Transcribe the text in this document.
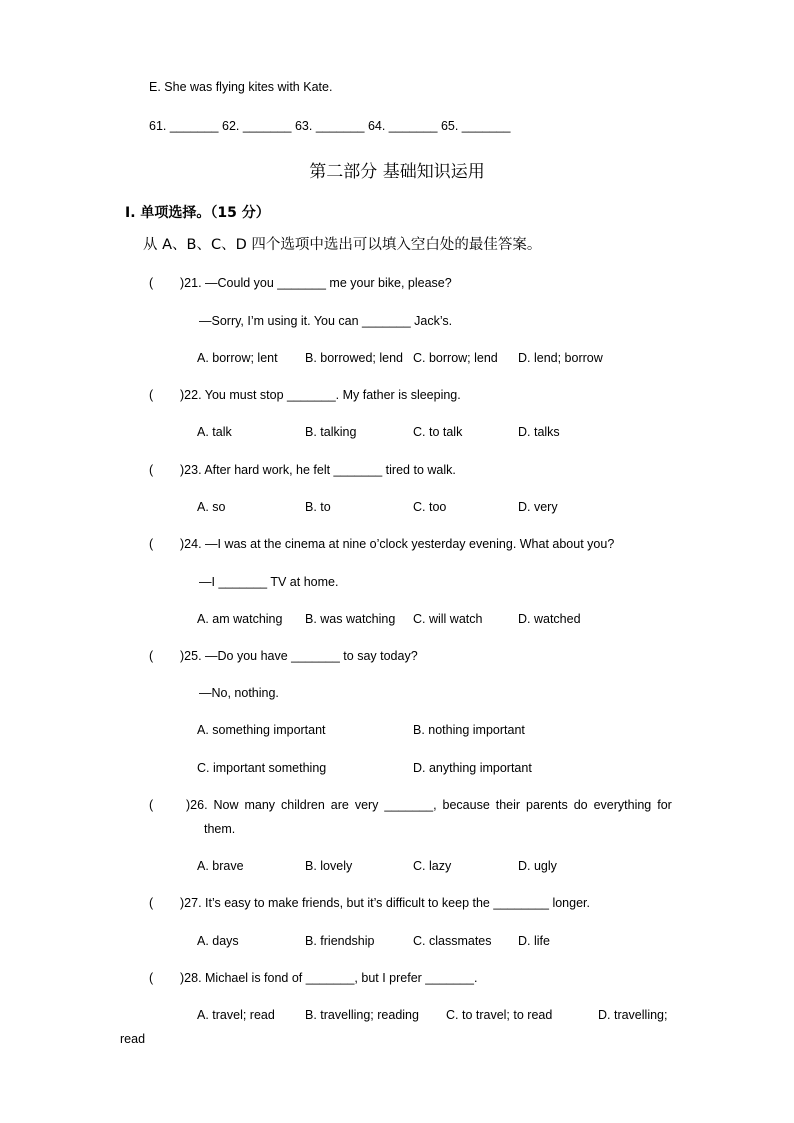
E. She was flying kites with Kate.
61. _______ 62. _______ 63. _______ 64. _______ 65. _______
第二部分 基础知识运用
Ⅰ. 单项选择。（15 分）
从 A、B、C、D 四个选项中选出可以填入空白处的最佳答案。
( )21. —Could you _______ me your bike, please?
—Sorry, I’m using it. You can _______ Jack’s.
A. borrow; lent B. borrowed; lend C. borrow; lend D. lend; borrow
( )22. You must stop _______. My father is sleeping.
A. talk	B. talking	C. to talk	D. talks
( )23. After hard work, he felt _______ tired to walk.
A. so	B. to	C. too	D. very
( )24. —I was at the cinema at nine o’clock yesterday evening. What about you?
—I _______ TV at home.
A. am watching B. was watching C. will watch	D. watched
( )25. —Do you have _______ to say today?
—No, nothing.
A. something important	B. nothing important
C. important something	D. anything important
(	)26. Now many children are very _______, because their parents do everything for
them.
A. brave	B. lovely	C. lazy	D. ugly
( )27. It’s easy to make friends, but it’s difficult to keep the ________ longer.
A. days	B. friendship	C. classmates D. life
( )28. Michael is fond of _______, but I prefer _______.
A. travel; read B. travelling; reading C. to travel; to read	D. travelling;
read
